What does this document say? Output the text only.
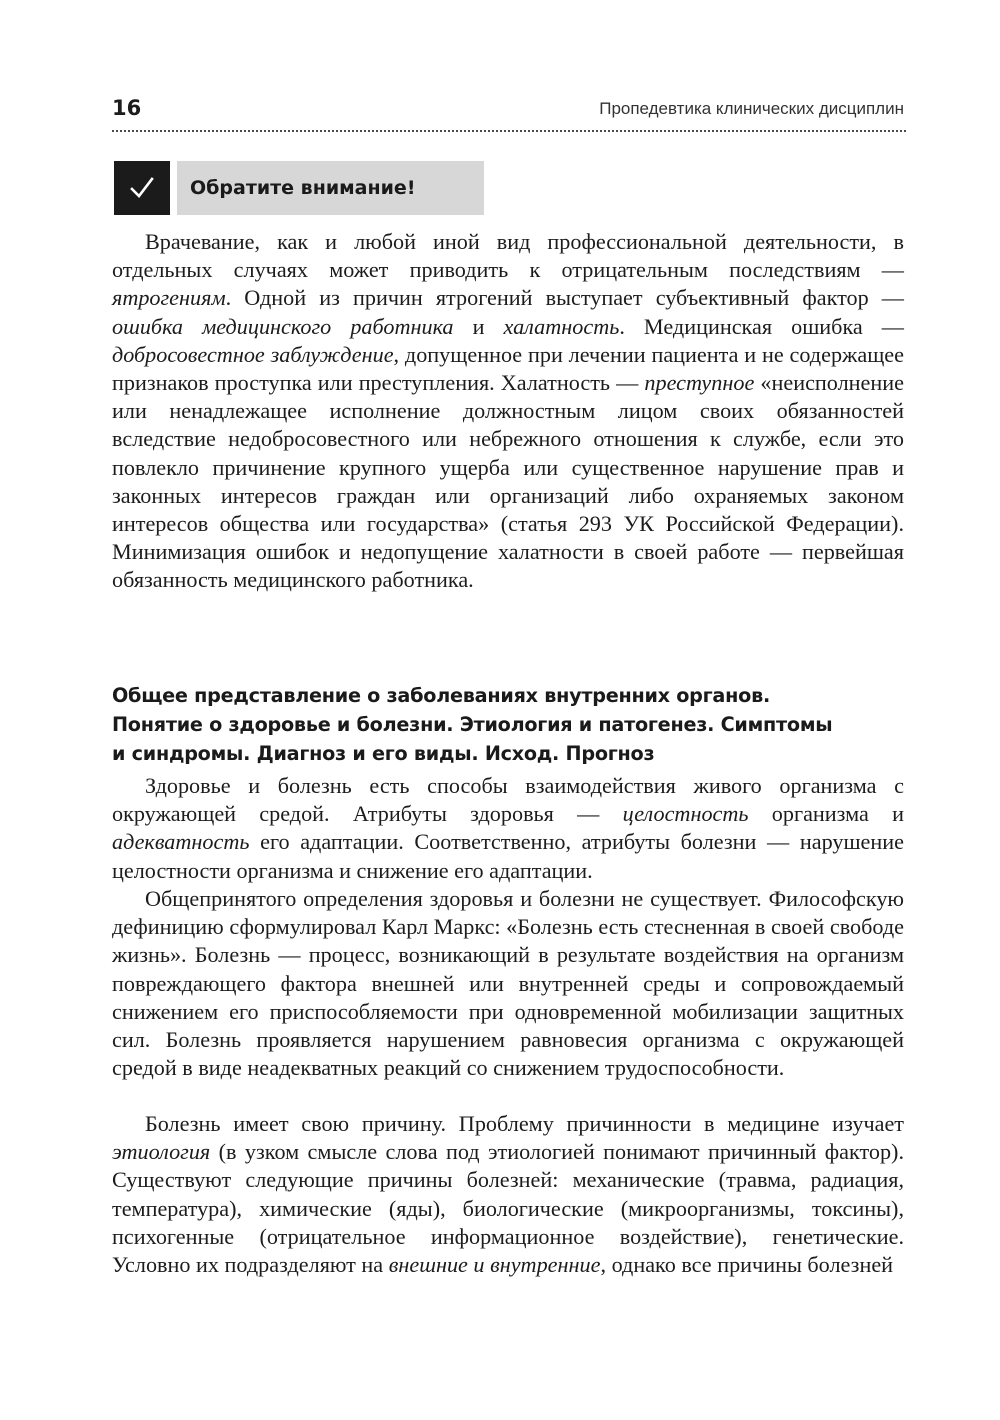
16	Пропедевтика клинических дисциплин
Обратите внимание!

Врачевание, как и любой иной вид профессиональной деятельности, в отдельных случаях может приводить к отрицательным последствиям — ятрогениям. Одной из причин ятрогений выступает субъективный фактор — ошибка медицинского работника и халатность. Медицинская ошибка — добросовестное заблуждение, допущенное при лечении пациента и не содержащее признаков проступка или преступления. Халатность — преступное «неисполнение или ненадлежащее исполнение должностным лицом своих обязанностей вследствие недобросовестного или небрежного отношения к службе, если это повлекло причинение крупного ущерба или существенное нарушение прав и законных интересов граждан или организаций либо охраняемых законом интересов общества или государства» (статья 293 УК Российской Федерации). Минимизация ошибок и недопущение халатности в своей работе — первейшая обязанность медицинского работника.

Общее представление о заболеваниях внутренних органов.
Понятие о здоровье и болезни. Этиология и патогенез. Симптомы
и синдромы. Диагноз и его виды. Исход. Прогноз

Здоровье и болезнь есть способы взаимодействия живого организма с окружающей средой. Атрибуты здоровья — целостность организма и адекватность его адаптации. Соответственно, атрибуты болезни — нарушение целостности организма и снижение его адаптации.

Общепринятого определения здоровья и болезни не существует. Философскую дефиницию сформулировал Карл Маркс: «Болезнь есть стесненная в своей свободе жизнь». Болезнь — процесс, возникающий в результате воздействия на организм повреждающего фактора внешней или внутренней среды и сопровождаемый снижением его приспособляемости при одновременной мобилизации защитных сил. Болезнь проявляется нарушением равновесия организма с окружающей средой в виде неадекватных реакций со снижением трудоспособности.

Болезнь имеет свою причину. Проблему причинности в медицине изучает этиология (в узком смысле слова под этиологией понимают причинный фактор). Существуют следующие причины болезней: механические (травма, радиация, температура), химические (яды), биологические (микроорганизмы, токсины), психогенные (отрицательное информационное воздействие), генетические. Условно их подразделяют на внешние и внутренние, однако все причины болезней
